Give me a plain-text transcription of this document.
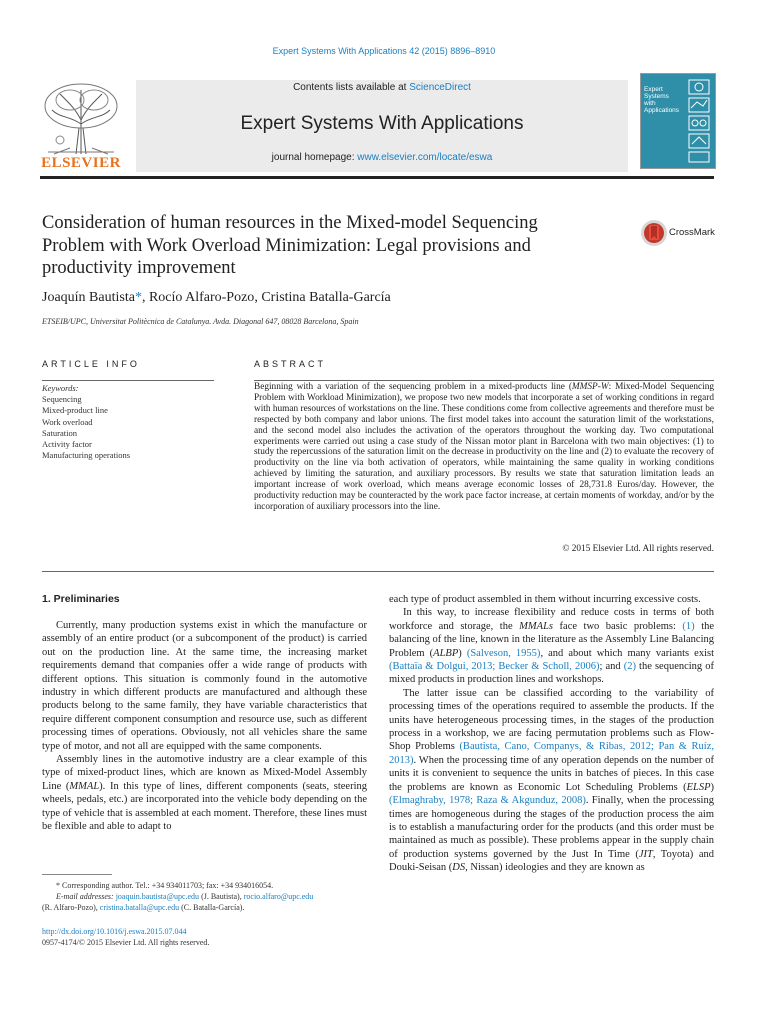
Expert Systems With Applications 42 (2015) 8896–8910
ELSEVIER
Contents lists available at ScienceDirect
Expert Systems With Applications
journal homepage: www.elsevier.com/locate/eswa
Expert
Systems
with
Applications
Consideration of human resources in the Mixed-model Sequencing Problem with Work Overload Minimization: Legal provisions and productivity improvement
CrossMark
Joaquín Bautista*, Rocío Alfaro-Pozo, Cristina Batalla-García
ETSEIB/UPC, Universitat Politècnica de Catalunya. Avda. Diagonal 647, 08028 Barcelona, Spain
ARTICLE INFO	ABSTRACT
Keywords:
Sequencing
Mixed-product line
Work overload
Saturation
Activity factor
Manufacturing operations
Beginning with a variation of the sequencing problem in a mixed-products line (MMSP-W: Mixed-Model Sequencing Problem with Workload Minimization), we propose two new models that incorporate a set of working conditions in regard with human resources of workstations on the line. These conditions come from collective agreements and therefore must be respected by both company and labor unions. The first model takes into account the saturation limit of the workstations, and the second model also includes the activation of the operators throughout the working day. Two computational experiments were carried out using a case study of the Nissan motor plant in Barcelona with two main objectives: (1) to study the repercussions of the saturation limit on the decrease in productivity on the line and (2) to evaluate the recovery of productivity on the line via both activation of operators, while maintaining the same quality in working conditions achieved by limiting the saturation, and auxiliary processors. By results we state that saturation limitation leads an important increase of work overload, which means average economic losses of 28,731.8 Euros/day. However, the productivity reduction may be counteracted by the work pace factor increase, at certain moments of workday, and/or by the incorporation of auxiliary processors into the line.
© 2015 Elsevier Ltd. All rights reserved.
1. Preliminaries

Currently, many production systems exist in which the manufacture or assembly of an entire product (or a subcomponent of the product) is carried out on the production line. At the same time, the increasing market requirements demand that companies offer a wide range of products with different options. This situation is commonly found in the automotive industry in which different products are manufactured and although these products belong to the same family, they have variable characteristics that require different component consumption and resource use, such as different processing times of operations. Obviously, not all vehicles share the same type of motor, and not all are equipped with the same components.

Assembly lines in the automotive industry are a clear example of this type of mixed-product lines, which are known as Mixed-Model Assembly Line (MMAL). In this type of lines, different components (seats, steering wheels, pedals, etc.) are incorporated into the vehicle body depending on the type of vehicle that is assembled at each moment. Therefore, these lines must be flexible and able to adapt to

each type of product assembled in them without incurring excessive costs.

In this way, to increase flexibility and reduce costs in terms of both workforce and storage, the MMALs face two basic problems: (1) the balancing of the line, known in the literature as the Assembly Line Balancing Problem (ALBP) (Salveson, 1955), and about which many variants exist (Battaïa & Dolgui, 2013; Becker & Scholl, 2006); and (2) the sequencing of mixed products in production lines and workshops.

The latter issue can be classified according to the variability of processing times of the operations required to assemble the products. If the units have heterogeneous processing times, in the stages of the production process in a workshop, we are facing permutation problems such as Flow-Shop Problems (Bautista, Cano, Companys, & Ribas, 2012; Pan & Ruíz, 2013). When the processing time of any operation depends on the number of units it is convenient to sequence the units in batches of pieces. In this case the problems are known as Economic Lot Scheduling Problems (ELSP) (Elmaghraby, 1978; Raza & Akgunduz, 2008). Finally, when the processing times are homogeneous during the stages of the production process the aim is to establish a manufacturing order for the products (and this order must be maintained as much as possible). These problems appear in the supply chain of production systems governed by the Just In Time (JIT, Toyota) and Douki-Seisan (DS, Nissan) ideologies and they are known as

* Corresponding author. Tel.: +34 934011703; fax: +34 934016054.
E-mail addresses: joaquin.bautista@upc.edu (J. Bautista), rocio.alfaro@upc.edu
(R. Alfaro-Pozo), cristina.batalla@upc.edu (C. Batalla-García).
http://dx.doi.org/10.1016/j.eswa.2015.07.044
0957-4174/© 2015 Elsevier Ltd. All rights reserved.
